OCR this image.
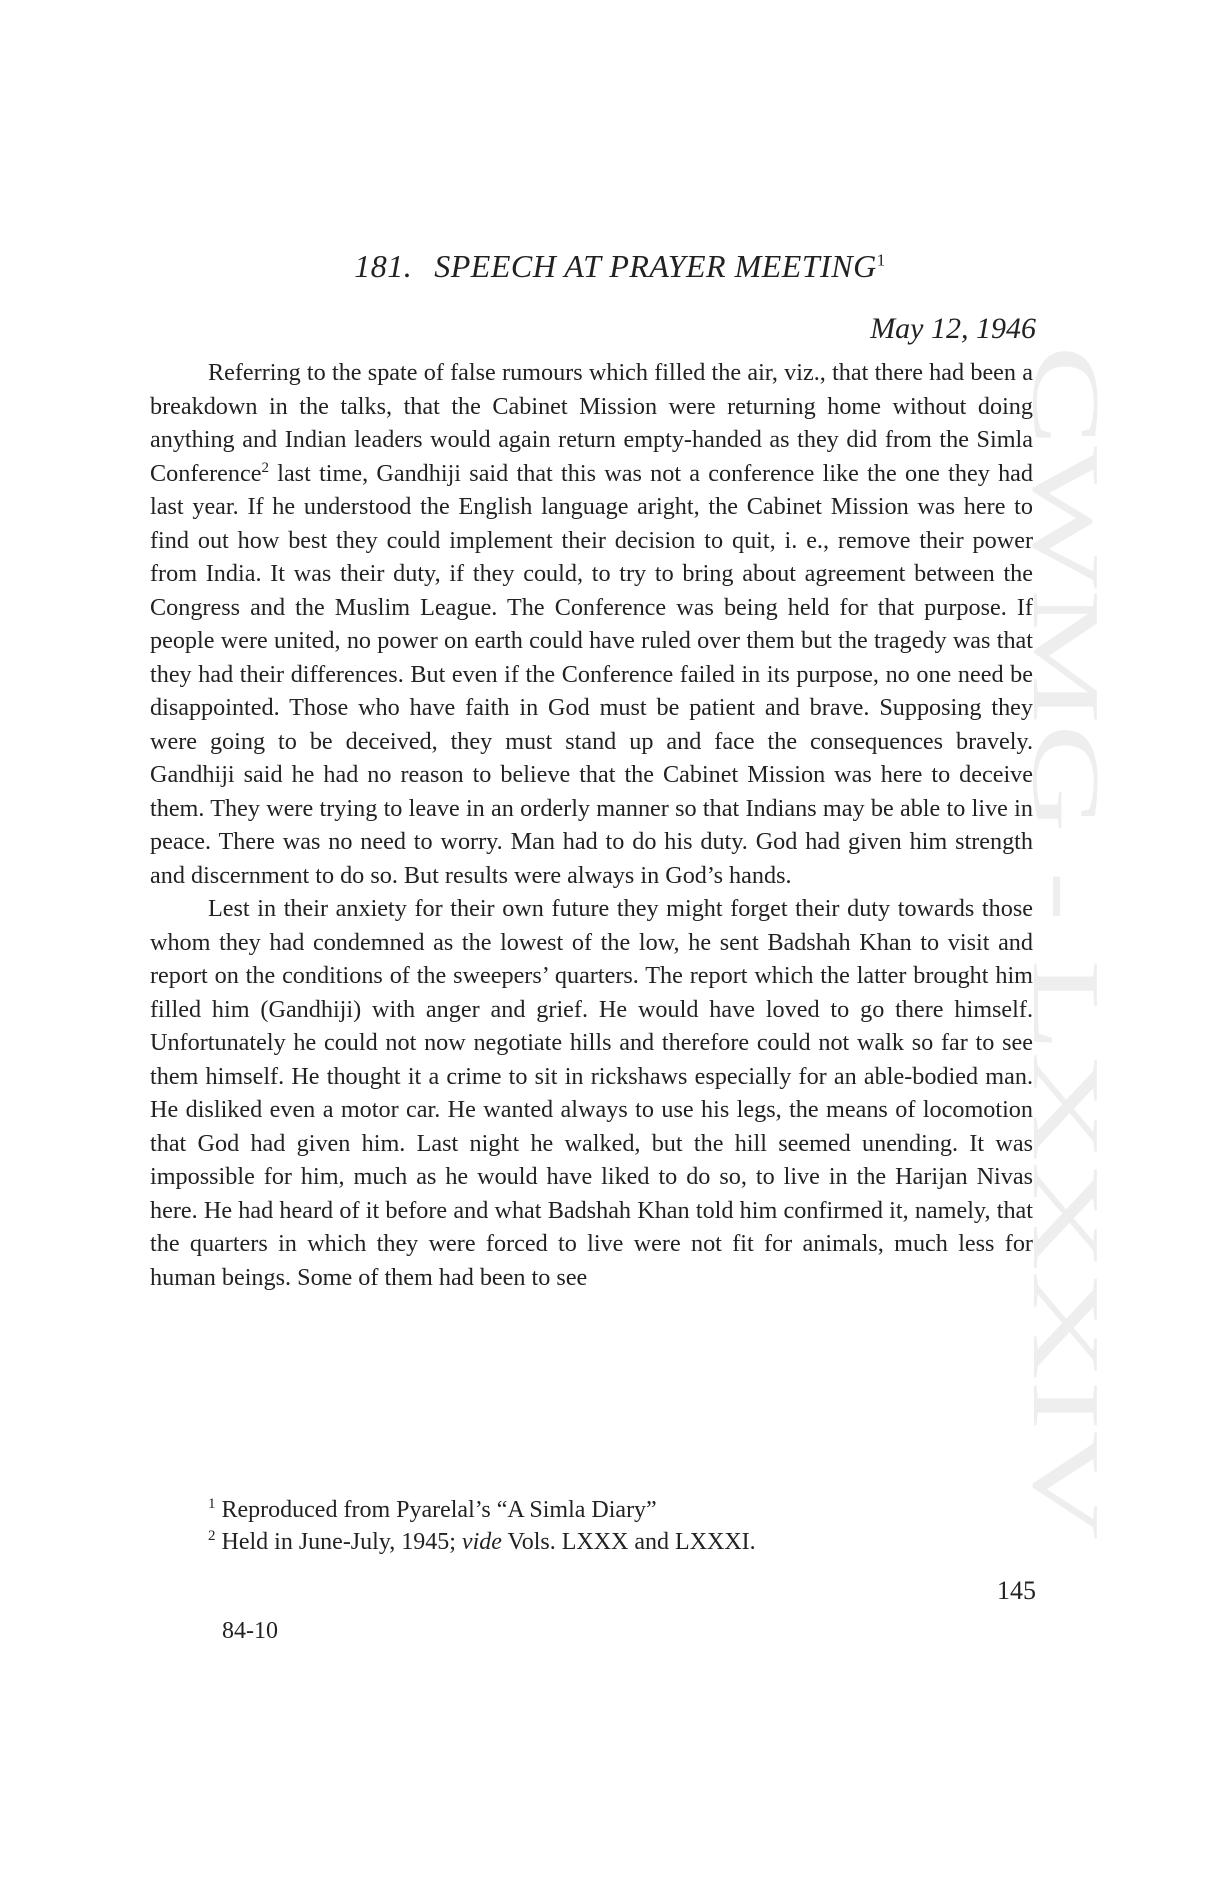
CWMG - LXXXIV
181. SPEECH AT PRAYER MEETING$^1$
May 12, 1946

Referring to the spate of false rumours which filled the air, viz., that there had been a breakdown in the talks, that the Cabinet Mission were returning home without doing anything and Indian leaders would again return empty-handed as they did from the Simla Conference$^2$ last time, Gandhiji said that this was not a conference like the one they had last year. If he understood the English language aright, the Cabinet Mission was here to find out how best they could implement their decision to quit, i. e., remove their power from India. It was their duty, if they could, to try to bring about agreement between the Congress and the Muslim League. The Conference was being held for that purpose. If people were united, no power on earth could have ruled over them but the tragedy was that they had their differences. But even if the Conference failed in its purpose, no one need be disappointed. Those who have faith in God must be patient and brave. Supposing they were going to be deceived, they must stand up and face the consequences bravely. Gandhiji said he had no reason to believe that the Cabinet Mission was here to deceive them. They were trying to leave in an orderly manner so that Indians may be able to live in peace. There was no need to worry. Man had to do his duty. God had given him strength and discernment to do so. But results were always in God’s hands.

Lest in their anxiety for their own future they might forget their duty towards those whom they had condemned as the lowest of the low, he sent Badshah Khan to visit and report on the conditions of the sweepers’ quarters. The report which the latter brought him filled him (Gandhiji) with anger and grief. He would have loved to go there himself. Unfortunately he could not now negotiate hills and therefore could not walk so far to see them himself. He thought it a crime to sit in rickshaws especially for an able-bodied man. He disliked even a motor car. He wanted always to use his legs, the means of locomotion that God had given him. Last night he walked, but the hill seemed unending. It was impossible for him, much as he would have liked to do so, to live in the Harijan Nivas here. He had heard of it before and what Badshah Khan told him confirmed it, namely, that the quarters in which they were forced to live were not fit for animals, much less for human beings. Some of them had been to see

$^1$ Reproduced from Pyarelal’s “A Simla Diary”

$^2$ Held in June-July, 1945; vide Vols. LXXX and LXXXI.

145
84-10
